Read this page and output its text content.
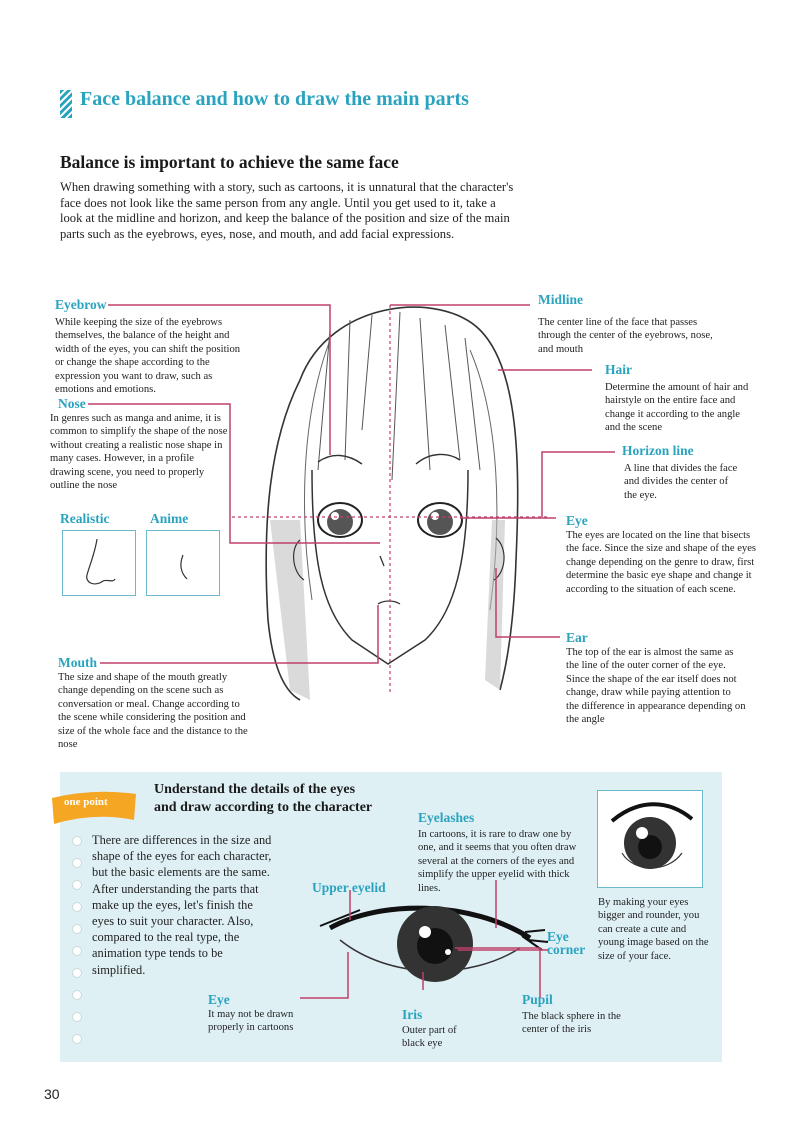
Face balance and how to draw the main parts
Balance is important to achieve the same face
When drawing something with a story, such as cartoons, it is unnatural that the character's face does not look like the same person from any angle. Until you get used to it, take a look at the midline and horizon, and keep the balance of the position and size of the main parts such as the eyebrows, eyes, nose, and mouth, and add facial expressions.
Eyebrow
While keeping the size of the eyebrows themselves, the balance of the height and width of the eyes, you can shift the position or change the shape according to the expression you want to draw, such as emotions and emotions.
Nose
In genres such as manga and anime, it is common to simplify the shape of the nose without creating a realistic nose shape in many cases. However, in a profile drawing scene, you need to properly outline the nose
Realistic	Anime
Mouth
The size and shape of the mouth greatly change depending on the scene such as conversation or meal. Change according to the scene while considering the position and size of the whole face and the distance to the nose
Midline
The center line of the face that passes through the center of the eyebrows, nose, and mouth
Hair
Determine the amount of hair and hairstyle on the entire face and change it according to the angle and the scene
Horizon line
A line that divides the face and divides the center of the eye.
Eye
The eyes are located on the line that bisects the face. Since the size and shape of the eyes change depending on the genre to draw, first determine the basic eye shape and change it according to the situation of each scene.
Ear
The top of the ear is almost the same as the line of the outer corner of the eye. Since the shape of the ear itself does not change, draw while paying attention to the difference in appearance depending on the angle
one point
Understand the details of the eyes
and draw according to the character
There are differences in the size and shape of the eyes for each character, but the basic elements are the same. After understanding the parts that make up the eyes, let's finish the eyes to suit your character. Also, compared to the real type, the animation type tends to be simplified.
Eyelashes
In cartoons, it is rare to draw one by one, and it seems that you often draw several at the corners of the eyes and simplify the upper eyelid with thick lines.
Upper eyelid
Eye
corner
Eye
It may not be drawn properly in cartoons
Iris
Outer part of black eye
Pupil
The black sphere in the center of the iris
By making your eyes bigger and rounder, you can create a cute and young image based on the size of your face.
30
